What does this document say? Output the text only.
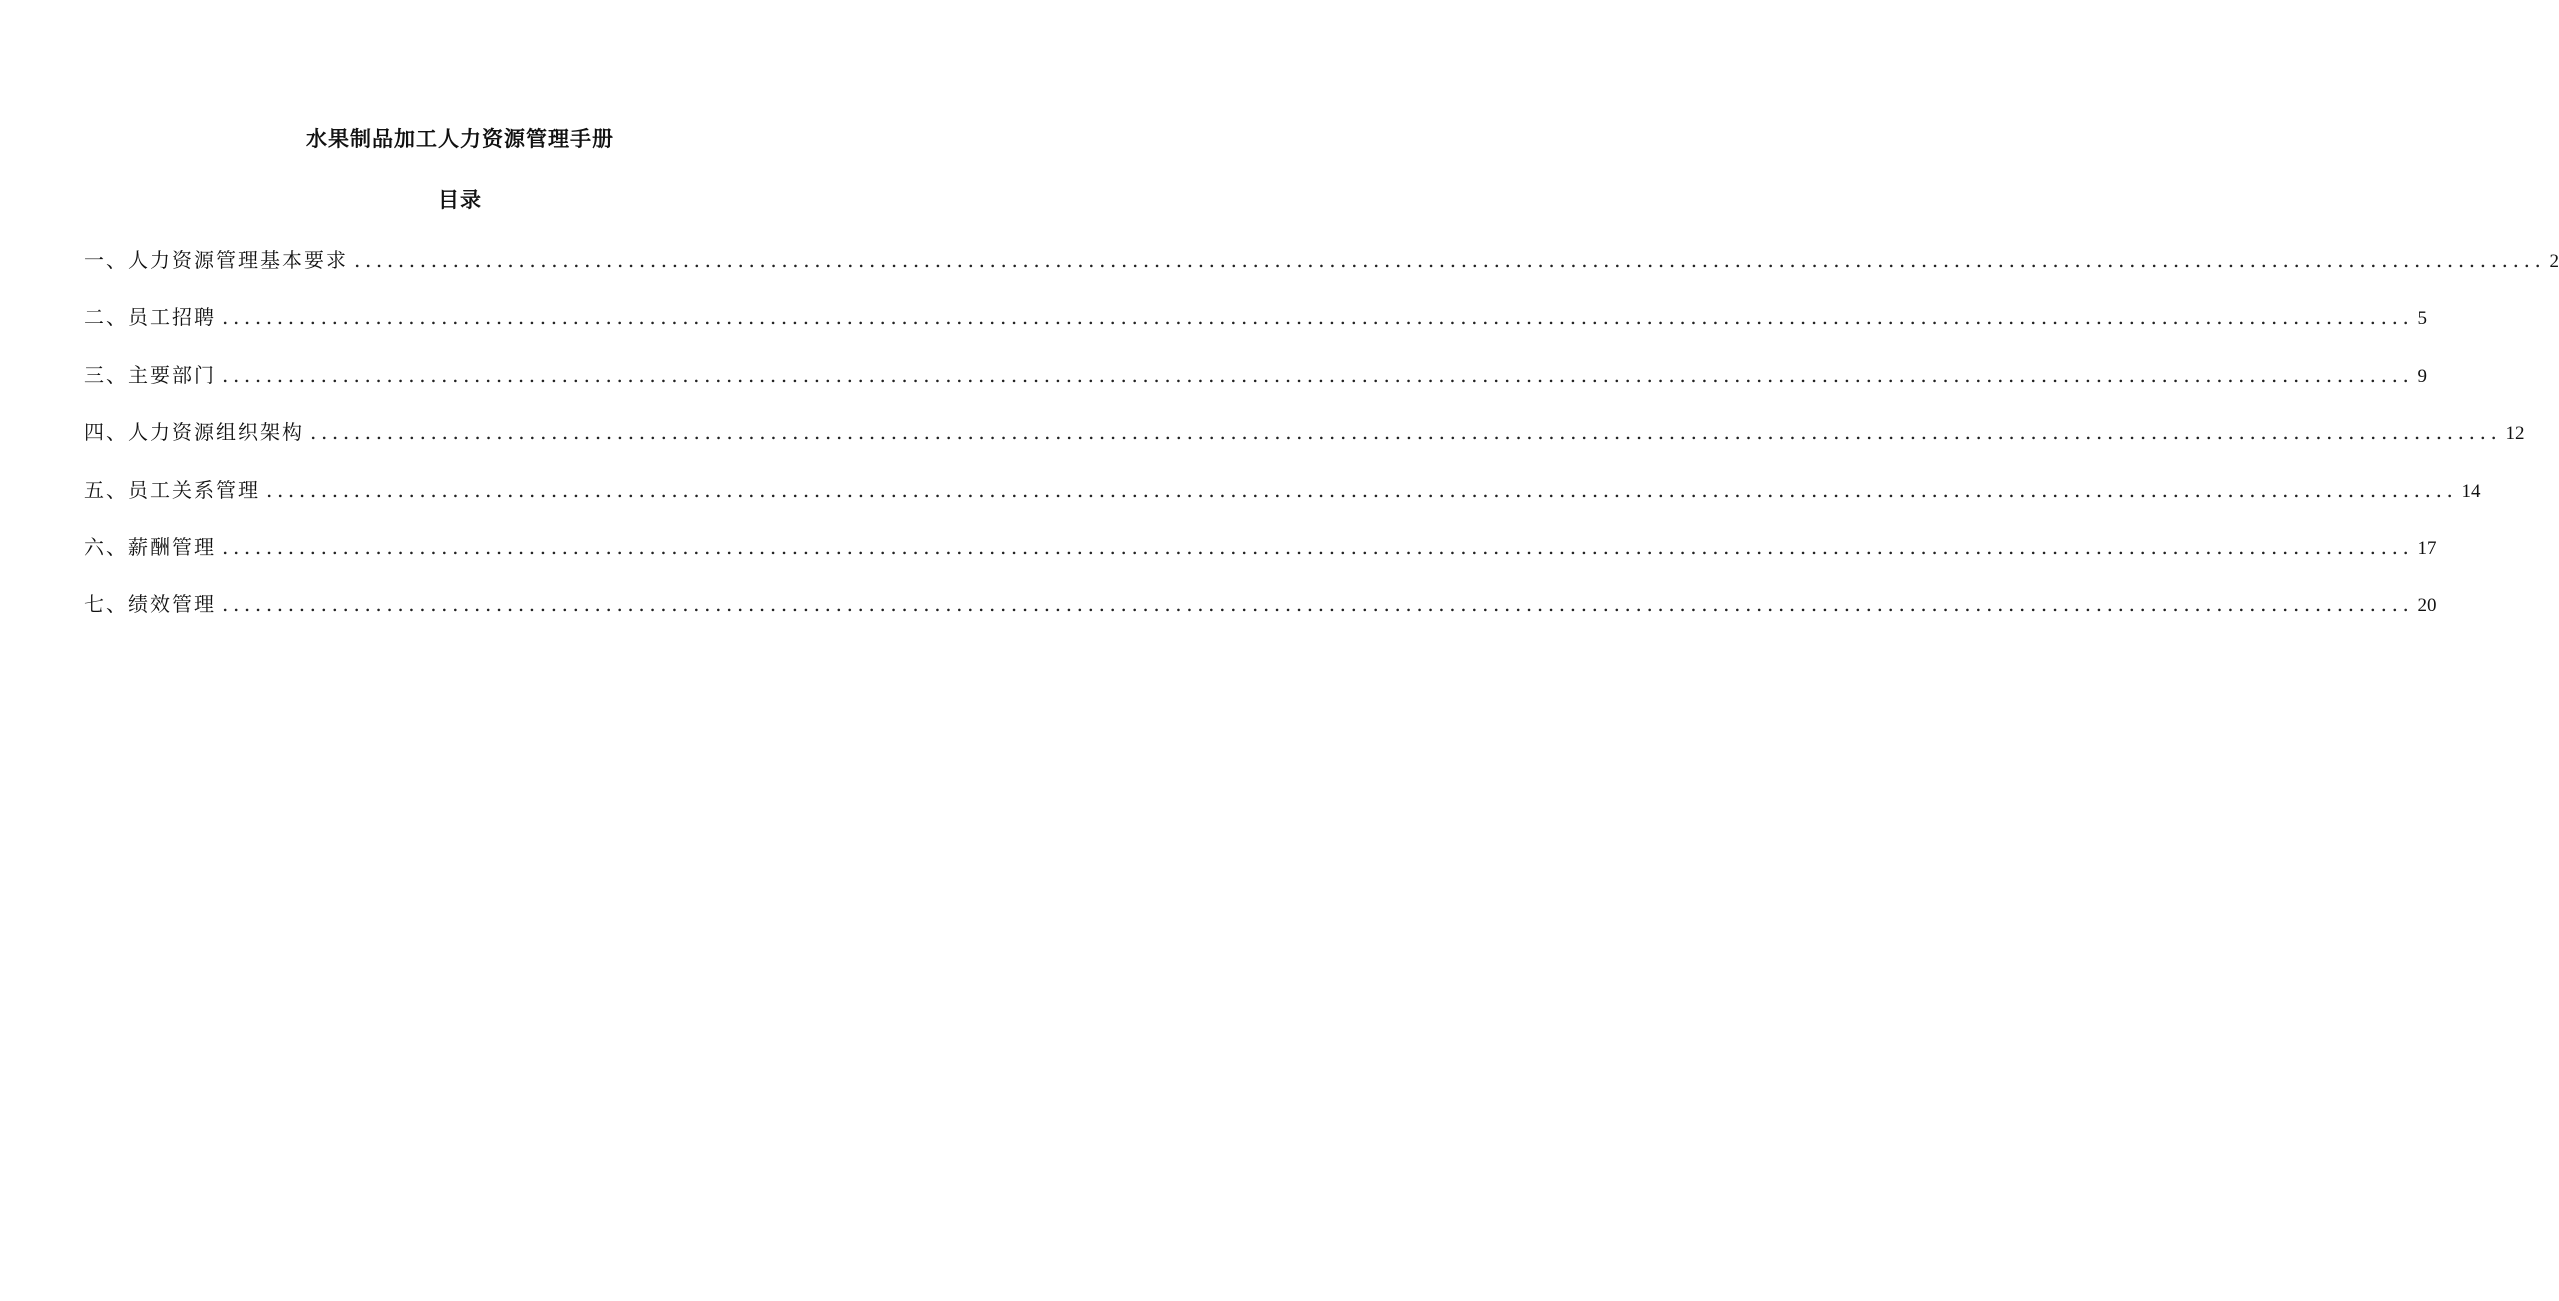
水果制品加工人力资源管理手册
目录
一、人力资源管理基本要求 ........................................................................................................................................................................................................ 2
二、员工招聘 ........................................................................................................................................................................................................ 5
三、主要部门 ........................................................................................................................................................................................................ 9
四、人力资源组织架构 ........................................................................................................................................................................................................ 12
五、员工关系管理 ........................................................................................................................................................................................................ 14
六、薪酬管理 ........................................................................................................................................................................................................ 17
七、绩效管理 ........................................................................................................................................................................................................ 20
